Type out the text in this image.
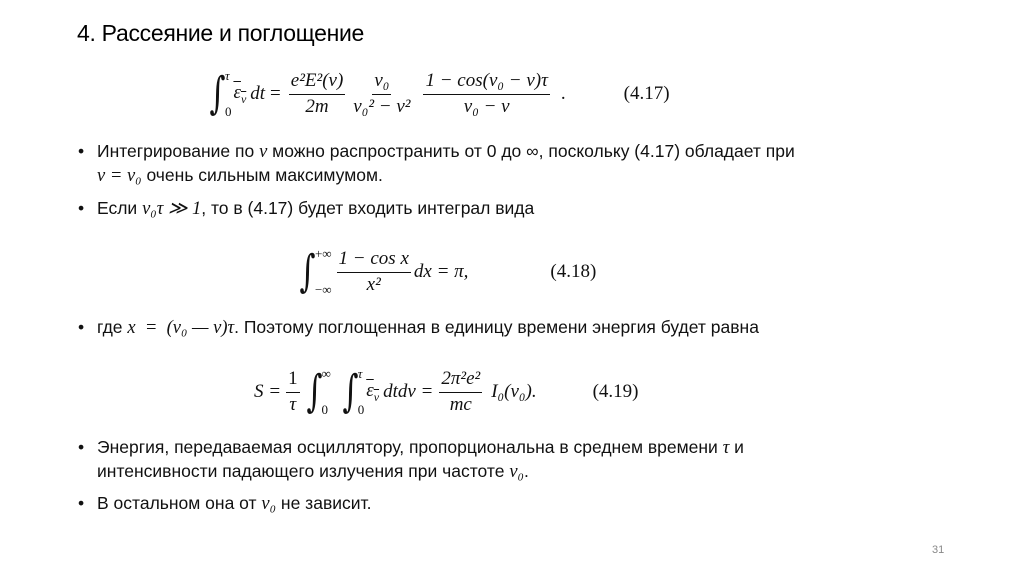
4. Рассеяние и поглощение
∫ τ
0
$\varepsilon_\nu$ dt = $\frac{\text{e²E²(ν)}}{2m} \frac{\text{ν₀}}{\text{ν₀² − ν²}} \frac{\text{1 − cos(ν₀ − ν)τ}}{\text{ν₀ − ν}}$ .	(4.17)
• Интегрирование по ν можно распространить от 0 до ∞, поскольку (4.17) обладает при
ν = ν₀ очень сильным максимумом.
• Если ν₀τ ≫ 1, то в (4.17) будет входить интеграл вида
∫ +∞
−∞ $\frac{\text{1 − cos x}}{\text{x²}}$ dx = π,	(4.18)
• где x  =  (ν₀ — ν)τ. Поэтому поглощенная в единицу времени энергия будет равна
$S = \frac{1}{\tau}$ ∫ ∞
0 ∫ τ
0
$\varepsilon_\nu$ $dtd\nu = \frac{\text{2π²e²}}{mc} I_0(\nu_0)$.	(4.19)
• Энергия, передаваемая осциллятору, пропорциональна в среднем времени τ и
интенсивности падающего излучения при частоте ν₀.
• В остальном она от ν₀ не зависит.
31
